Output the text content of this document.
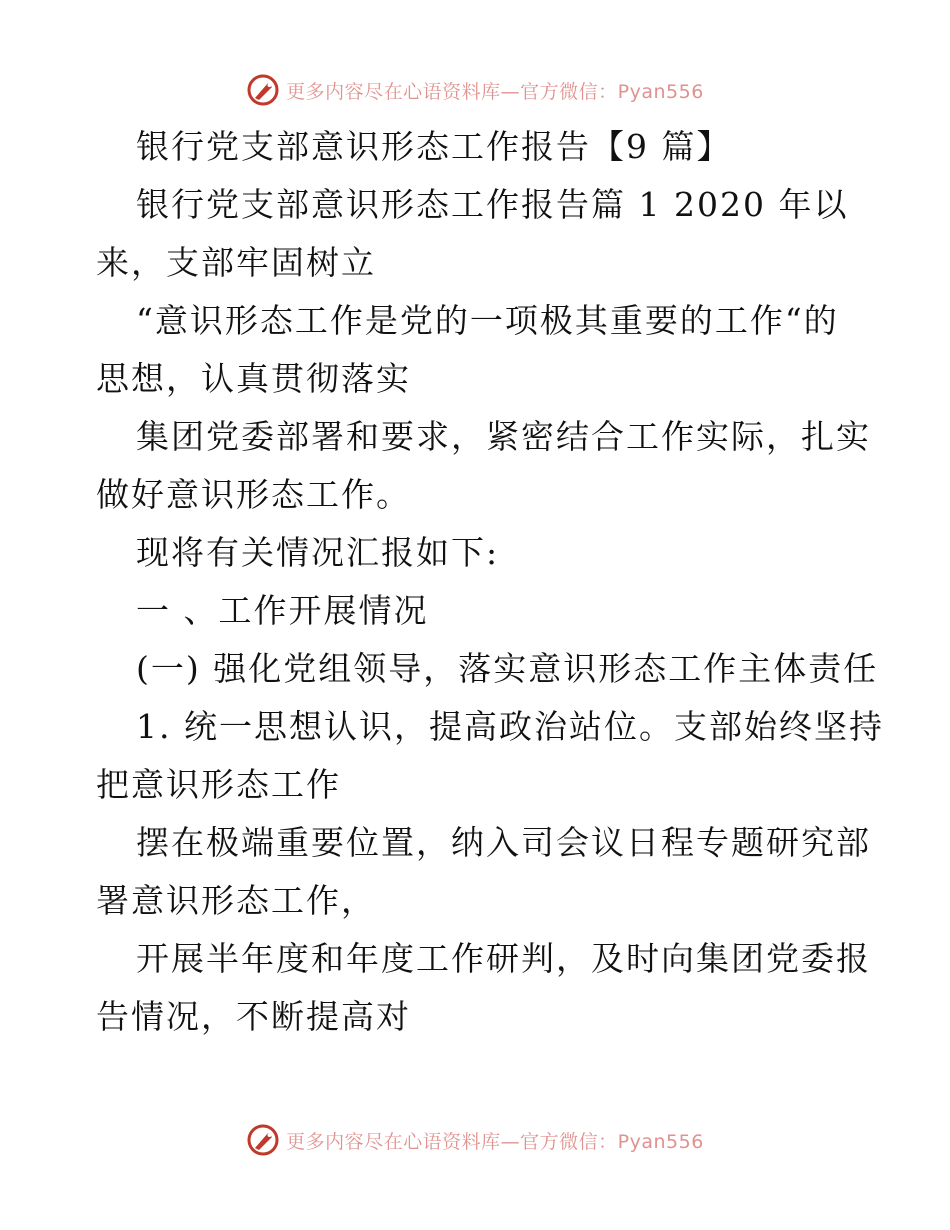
更多内容尽在心语资料库—官方微信：Pyan556
银行党支部意识形态工作报告【9 篇】
银行党支部意识形态工作报告篇 1 2020 年以
来，支部牢固树立
“意识形态工作是党的一项极其重要的工作“的
思想，认真贯彻落实
集团党委部署和要求，紧密结合工作实际，扎实
做好意识形态工作。
现将有关情况汇报如下:
一 、工作开展情况
(一) 强化党组领导，落实意识形态工作主体责任
1. 统一思想认识，提高政治站位。支部始终坚持
把意识形态工作
摆在极端重要位置，纳入司会议日程专题研究部
署意识形态工作，
开展半年度和年度工作研判，及时向集团党委报
告情况，不断提高对
更多内容尽在心语资料库—官方微信：Pyan556
